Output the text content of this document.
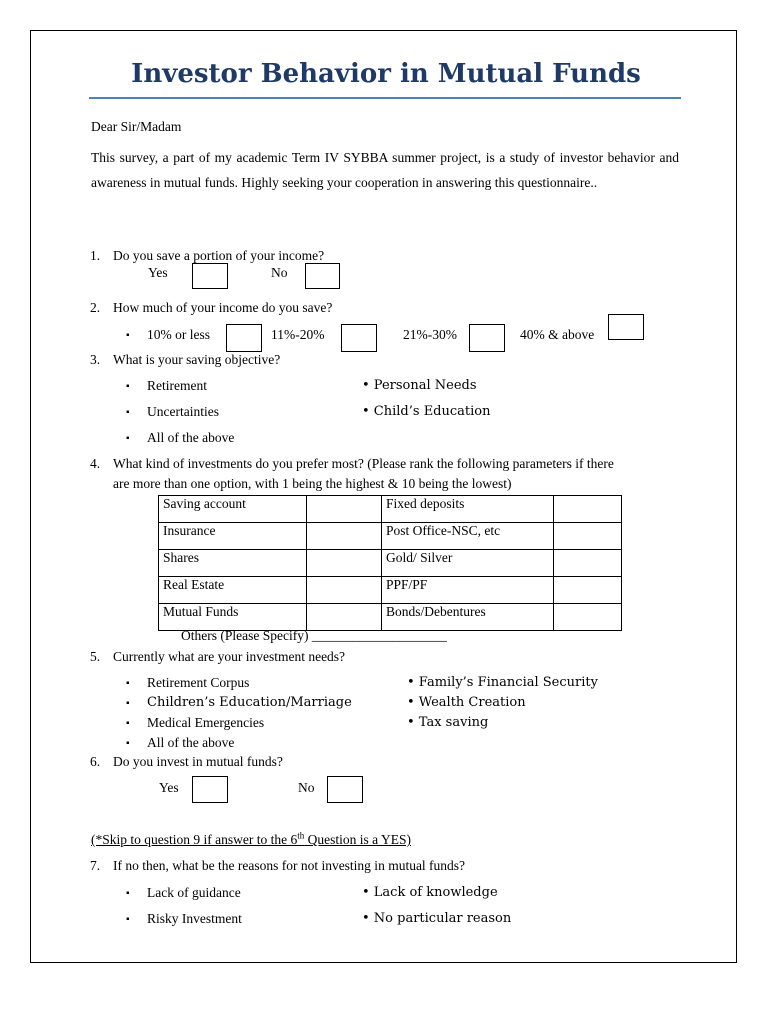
Investor Behavior in Mutual Funds
Dear Sir/Madam
This survey, a part of my academic Term IV SYBBA summer project, is a study of investor behavior and awareness in mutual funds. Highly seeking your cooperation in answering this questionnaire..
1. Do you save a portion of your income?
Yes	No
2. How much of your income do you save?
▪ 10% or less	11%-20%	21%-30%	40% & above
3. What is your saving objective?
▪ Retirement
▪ Uncertainties
▪ All of the above
• Personal Needs
• Child’s Education
4. What kind of investments do you prefer most? (Please rank the following parameters if there
are more than one option, with 1 being the highest & 10 being the lowest)
Saving account		Fixed deposits	
Insurance		Post Office-NSC, etc	
Shares		Gold/ Silver	
Real Estate		PPF/PF	
Mutual Funds		Bonds/Debentures	
Others (Please Specify) ____________________
5. Currently what are your investment needs?
▪ Retirement Corpus
▪ Children’s Education/Marriage
▪ Medical Emergencies
▪ All of the above
• Family’s Financial Security
• Wealth Creation
• Tax saving
6. Do you invest in mutual funds?
Yes	No
(*Skip to question 9 if answer to the 6th Question is a YES)
7. If no then, what be the reasons for not investing in mutual funds?
▪ Lack of guidance
▪ Risky Investment
• Lack of knowledge
• No particular reason
